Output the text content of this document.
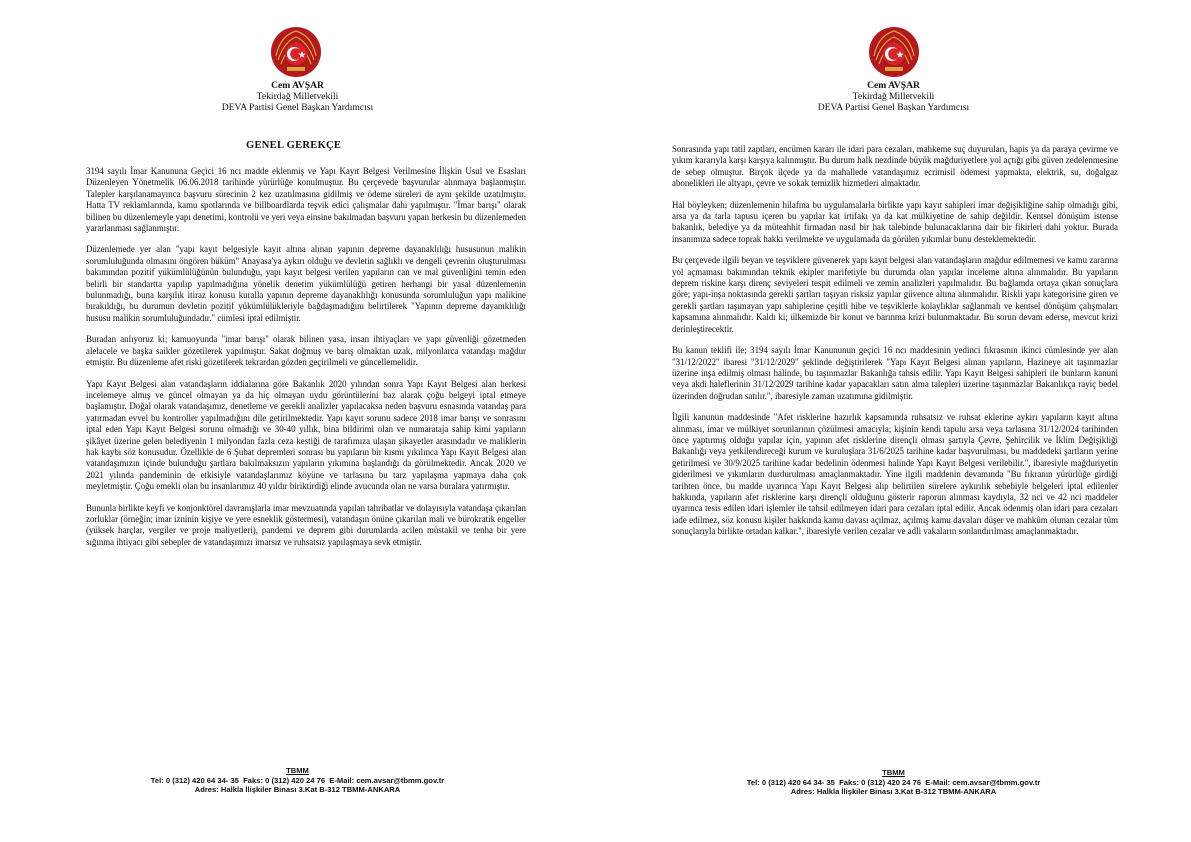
Cem AVŞAR
Tekirdağ Milletvekili
DEVA Partisi Genel Başkan Yardımcısı
GENEL GEREKÇE

3194 sayılı İmar Kanununa Geçici 16 ncı madde eklenmiş ve Yapı Kayıt Belgesi Verilmesine İlişkin Usul ve Esasları Düzenleyen Yönetmelik 06.06.2018 tarihinde yürürlüğe konulmuştur. Bu çerçevede başvurular alınmaya başlanmıştır. Talepler karşılanamayınca başvuru sürecinin 2 kez uzatılmasına gidilmiş ve ödeme süreleri de aynı şekilde uzatılmıştır. Hatta TV reklamlarında, kamu spotlarında ve billboardlarda teşvik edici çalışmalar dahi yapılmıştır. "İmar barışı" olarak bilinen bu düzenlemeyle yapı denetimi, kontrolü ve yeri veya einsine bakılmadan başvuru yapan herkesin bu düzenlemeden yararlanması sağlanmıştır.

Düzenlemede yer alan "yapı kayıt belgesiyle kayıt altına alınan yapının depreme dayanaklılığı hususunun malikin sorumluluğunda olmasını öngören hüküm" Anayasa'ya aykırı olduğu ve devletin sağlıklı ve dengeli çevrenin oluşturulması bakımından pozitif yükümlülüğünün bulunduğu, yapı kayıt belgesi verilen yapıların can ve mal güvenliğini temin eden belirli bir standartta yapılıp yapılmadığına yönelik denetim yükümlülüğü getiren herhangi bir yasal düzenlemenin bulunmadığı, buna karşılık itiraz konusu kuralla yapının depreme dayanaklılığı konusunda sorumluluğun yapı malikine bırakıldığı, bu durumun devletin pozitif yükümlülükleriyle bağdaşmadığını belirtilerek "Yapının depreme dayanıklılığı hususu malikin sorumluluğundadır." cümlesi iptal edilmiştir.

Buradan anlıyoruz ki; kamuoyunda "imar barışı" olarak bilinen yasa, insan ihtiyaçları ve yapı güvenliği gözetmeden alelacele ve başka saikler gözetilerek yapılmıştır. Sakat doğmuş ve barış olmaktan uzak, milyonlarca vatandaşı mağdur etmiştir. Bu düzenleme afet riski gözetilerek tekrardan gözden geçirilmeli ve güncellemelidir.

Yapı Kayıt Belgesi alan vatandaşların iddialarına göre Bakanlık 2020 yılından sonra Yapı Kayıt Belgesi alan herkesi incelemeye almış ve güncel olmayan ya da hiç olmayan uydu görüntülerini baz alarak çoğu belgeyi iptal etmeye başlamıştır. Doğal olarak vatandaşımız, denetleme ve gerekli analizler yapılacaksa neden başvuru esnasında vatandaş para yatırmadan evvel bu kontroller yapılmadığını dile getirilmektedir. Yapı kayıt sorunu sadece 2018 imar barışı ve sonrasını iptal eden Yapı Kayıt Belgesi sorunu olmadığı ve 30-40 yıllık, bina bildirimi olan ve numarataja sahip kimi yapıların şikâyet üzerine gelen belediyenin 1 milyondan fazla ceza kestiği de tarafımıza ulaşan şikayetler arasındadır ve maliklerin hak kaybı söz konusudur. Özellikle de 6 Şubat depremleri sonrası bu yapıların bir kısmı yıkılınca Yapı Kayıt Belgesi alan vatandaşımızın içinde bulunduğu şartlara bakılmaksızın yapıların yıkımına başlandığı da görülmektedir. Ancak 2020 ve 2021 yılında pandeminin de etkisiyle vatandaşlarımız köyüne ve tarlasına bu tarz yapılaşma yapmaya daha çok meyletmiştir. Çoğu emekli olan bu insanlarımız 40 yıldır biriktirdiği elinde avucunda olan ne varsa buralara yatırmıştır.

Bununla birlikte keyfi ve konjonktörel davranışlarla imar mevzuatında yapılan tahribatlar ve dolayısıyla vatandaşa çıkarılan zorluklar (örneğin; imar izninin kişiye ve yere esneklik göstermesi), vatandaşın önüne çıkarılan mali ve bürokratik engeller (yüksek harçlar, vergiler ve proje maliyetleri), pandemi ve deprem gibi durumlarda acilen müstakil ve tenha bir yere sığınma ihtiyacı gibi sebepler de vatandaşımızı imarsız ve ruhsatsız yapılaşmaya sevk etmiştir.

TBMM
Tel: 0 (312) 420 64 34- 35 Faks: 0 (312) 420 24 76 E-Mail: cem.avsar@tbmm.gov.tr
Adres: Halkla İlişkiler Binası 3.Kat B-312 TBMM-ANKARA
Cem AVŞAR
Tekirdağ Milletvekili
DEVA Partisi Genel Başkan Yardımcısı

Sonrasında yapı tatil zaptları, encümen kararı ile idari para cezaları, mahkeme suç duyuruları, hapis ya da paraya çevirme ve yıkım kararıyla karşı karşıya kalınmıştır. Bu durum halk nezdinde büyük mağduriyetlere yol açtığı gibi güven zedelenmesine de sebep olmuştur. Birçok ilçede ya da mahallede vatandaşımız ecrimisil ödemesi yapmakta, elektrik, su, doğalgaz abonelikleri ile altyapı, çevre ve sokak temizlik hizmetleri almaktadır.

Hal böyleyken; düzenlemenin hilafına bu uygulamalarla birlikte yapı kayıt sahipleri imar değişikliğine sahip olmadığı gibi, arsa ya da tarla tapusu içeren bu yapılar kat irtifakı ya da kat mülkiyetine de sahip değildir. Kentsel dönüşüm istense bakanlık, belediye ya da müteahhit firmadan nasıl bir hak talebinde bulunacaklarına dair bir fikirleri dahi yoktur. Burada insanımıza sadece toprak hakkı verilmekte ve uygulamada da görülen yıkımlar bunu desteklemektedir.

Bu çerçevede ilgili beyan ve teşviklere güvenerek yapı kayıt belgesi alan vatandaşların mağdur edilmemesi ve kamu zararına yol açmaması bakımından teknik ekipler marifetiyle bu durumda olan yapılar inceleme altına alınmalıdır. Bu yapıların deprem riskine karşı direnç seviyeleri tespit edilmeli ve zemin analizleri yapılmalıdır. Bu bağlamda ortaya çıkan sonuçlara göre; yapı-inşa noktasında gerekli şartları taşıyan risksiz yapılar güvence altına alınmalıdır. Riskli yapı kategorisine giren ve gerekli şartları taşımayan yapı sahiplerine çeşitli hibe ve teşviklerle kolaylıklar sağlanmalı ve kentsel dönüşüm çalışmaları kapsamına alınmalıdır. Kaldı ki; ülkemizde bir konut ve barınma krizi bulunmaktadır. Bu sorun devam ederse, mevcut krizi derinleştirecektir.

Bu kanun teklifi ile; 3194 sayılı İmar Kanununun geçici 16 ncı maddesinin yedinci fıkrasının ikinci cümlesinde yer alan "31/12/2022" ibaresi "31/12/2029" şeklinde değiştirilerek "Yapı Kayıt Belgesi alınan yapıların, Hazineye ait taşınmazlar üzerine inşa edilmiş olması halinde, bu taşınmazlar Bakanlığa tahsis edilir. Yapı Kayıt Belgesi sahipleri ile bunların kanuni veya akdi haleflerinin 31/12/2029 tarihine kadar yapacakları satın alma talepleri üzerine taşınmazlar Bakanlıkça rayiç bedel üzerinden doğrudan satılır.", ibaresiyle zaman uzatımına gidilmiştir.

İlgili kanunun maddesinde "Afet risklerine hazırlık kapsamında ruhsatsız ve ruhsat eklerine aykırı yapıların kayıt altına alınması, imar ve mülkiyet sorunlarının çözülmesi amacıyla; kişinin kendi tapulu arsa veya tarlasına 31/12/2024 tarihinden önce yaptırmış olduğu yapılar için, yapının afet risklerine dirençli olması şartıyla Çevre, Şehircilik ve İklim Değişikliği Bakanlığı veya yetkilendireceği kurum ve kuruluşlara 31/6/2025 tarihine kadar başvurulması, bu maddedeki şartların yerine getirilmesi ve 30/9/2025 tarihine kadar bedelinin ödenmesi halinde Yapı Kayıt Belgesi verilebilir.", ibaresiyle mağduriyetin giderilmesi ve yıkımların durdurulması amaçlanmaktadır. Yine ilgili maddenin devamında "Bu fıkranın yürürlüğe girdiği tarihten önce, bu madde uyarınca Yapı Kayıt Belgesi alıp belirtilen sürelere aykırılık sebebiyle belgeleri iptal edilenler hakkında, yapıların afet risklerine karşı dirençli olduğunu gösterir raporun alınması kaydıyla, 32 nci ve 42 nci maddeler uyarınca tesis edilen idari işlemler ile tahsil edilmeyen idari para cezaları iptal edilir. Ancak ödenmiş olan idari para cezaları iade edilmez, söz konusu kişiler hakkında kamu davası açılmaz, açılmış kamu davaları düşer ve mahkûm olunan cezalar tüm sonuçlarıyla birlikte ortadan kalkar.", ibaresiyle verilen cezalar ve adli vakaların sonlandırılması amaçlanmaktadır.

TBMM
Tel: 0 (312) 420 64 34- 35 Faks: 0 (312) 420 24 76 E-Mail: cem.avsar@tbmm.gov.tr
Adres: Halkla İlişkiler Binası 3.Kat B-312 TBMM-ANKARA
